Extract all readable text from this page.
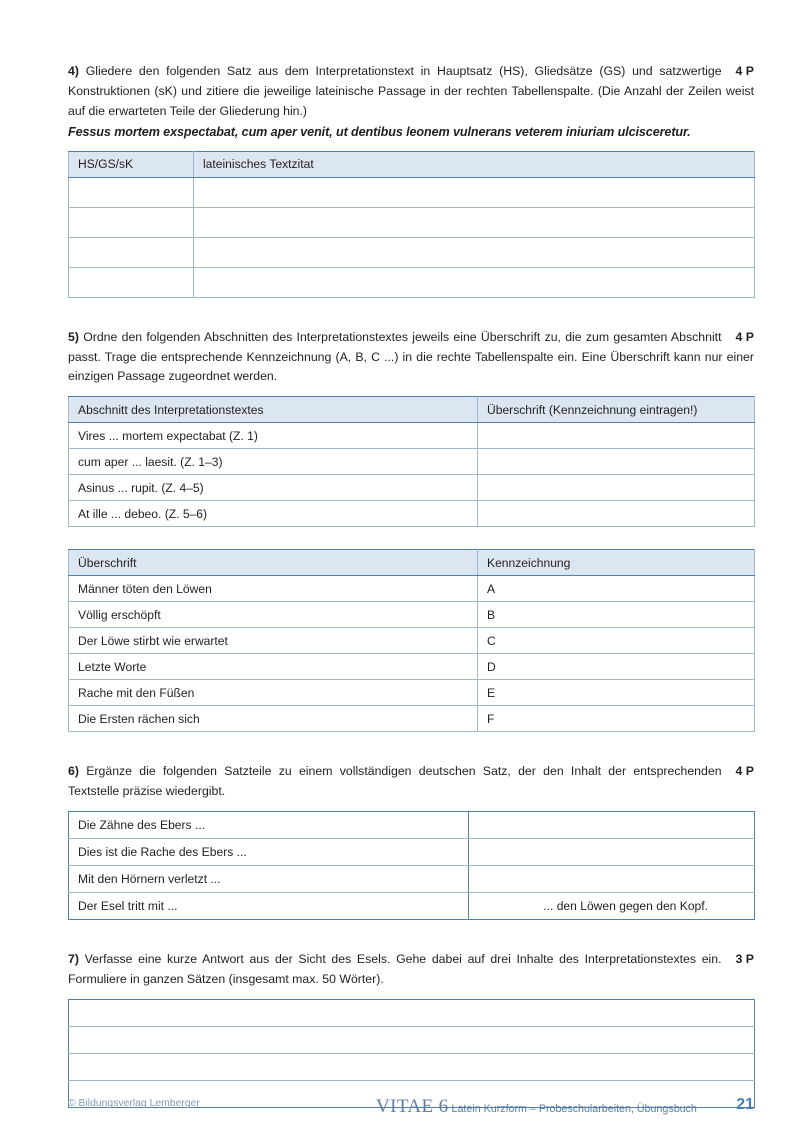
4 P
4) Gliedere den folgenden Satz aus dem Interpretationstext in Hauptsatz (HS), Gliedsätze (GS) und satzwertige Konstruktionen (sK) und zitiere die jeweilige lateinische Passage in der rechten Tabellenspalte. (Die Anzahl der Zeilen weist auf die erwarteten Teile der Gliederung hin.)
Fessus mortem exspectabat, cum aper venit, ut dentibus leonem vulnerans veterem iniuriam ulcisceretur.
HS/GS/sK	lateinisches Textzitat

4 P
5) Ordne den folgenden Abschnitten des Interpretationstextes jeweils eine Überschrift zu, die zum gesamten Abschnitt passt. Trage die entsprechende Kennzeichnung (A, B, C ...) in die rechte Tabellenspalte ein. Eine Überschrift kann nur einer einzigen Passage zugeordnet werden.
Abschnitt des Interpretationstextes	Überschrift (Kennzeichnung eintragen!)

Vires ... mortem expectabat (Z. 1)	

cum aper ... laesit. (Z. 1–3)	

Asinus ... rupit. (Z. 4–5)	

At ille ... debeo. (Z. 5–6)	

Überschrift	Kennzeichnung

Männer töten den Löwen	A

Völlig erschöpft	B

Der Löwe stirbt wie erwartet	C

Letzte Worte	D

Rache mit den Füßen	E

Die Ersten rächen sich	F
4 P
6) Ergänze die folgenden Satzteile zu einem vollständigen deutschen Satz, der den Inhalt der entsprechenden Textstelle präzise wiedergibt.
Die Zähne des Ebers ...	

Dies ist die Rache des Ebers ...	

Mit den Hörnern verletzt ...	

Der Esel tritt mit ...	... den Löwen gegen den Kopf.
3 P
7) Verfasse eine kurze Antwort aus der Sicht des Esels. Gehe dabei auf drei Inhalte des Interpretationstextes ein. Formuliere in ganzen Sätzen (insgesamt max. 50 Wörter).

© Bildungsverlag Lemberger	VITAE 6 Latein Kurzform – Probeschularbeiten, Übungsbuch 21
